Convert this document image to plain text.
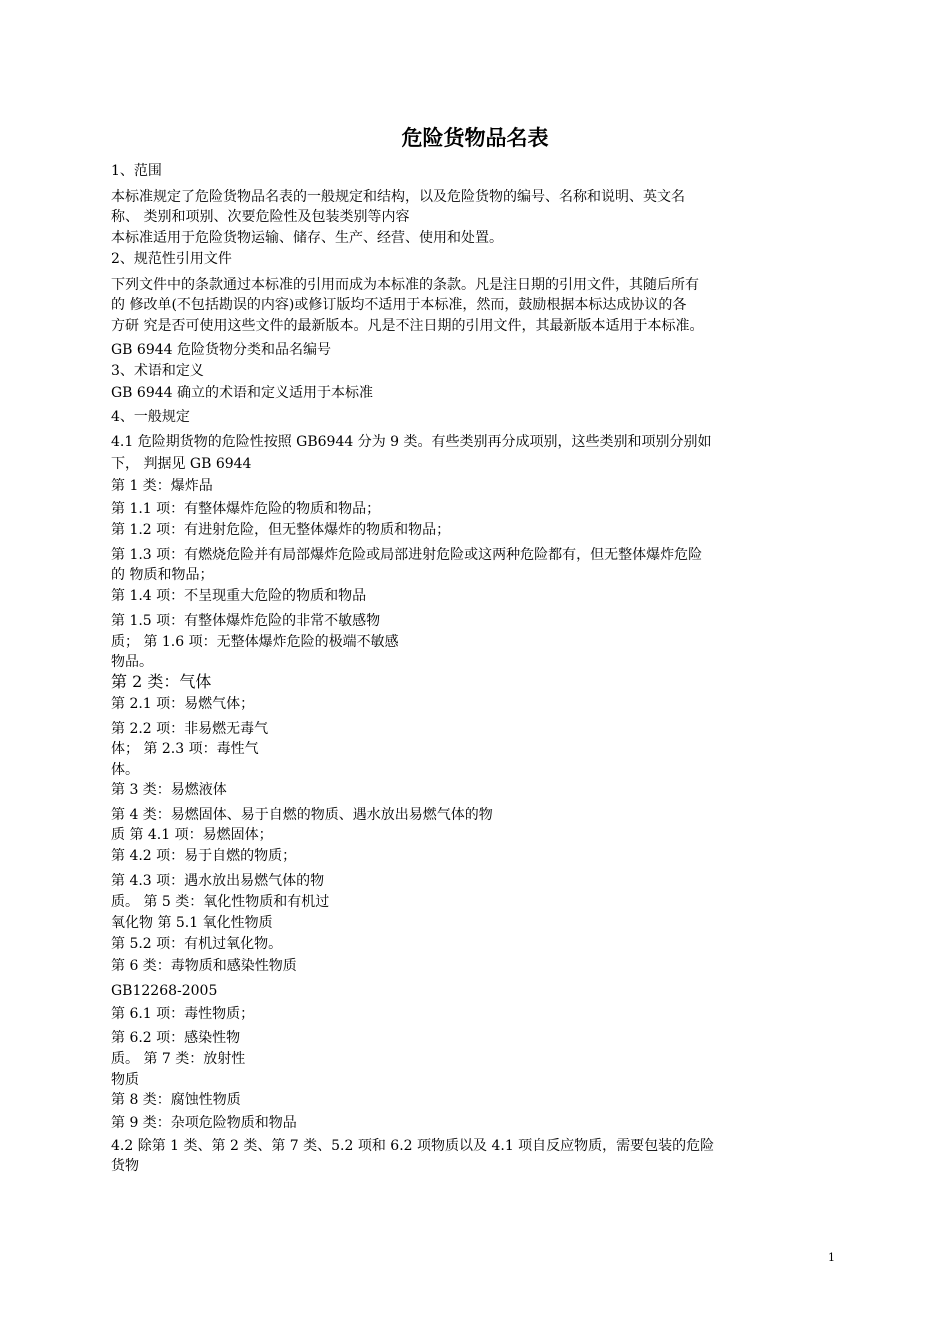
危险货物品名表
1、范围
本标准规定了危险货物品名表的一般规定和结构，以及危险货物的编号、名称和说明、英文名
称、 类别和项别、次要危险性及包装类别等内容
本标准适用于危险货物运输、储存、生产、经营、使用和处置。
2、规范性引用文件
下列文件中的条款通过本标准的引用而成为本标准的条款。凡是注日期的引用文件，其随后所有
的 修改单(不包括勘误的内容)或修订版均不适用于本标准，然而，鼓励根据本标达成协议的各
方研 究是否可使用这些文件的最新版本。凡是不注日期的引用文件，其最新版本适用于本标准。
GB 6944 危险货物分类和品名编号
3、术语和定义
GB 6944 确立的术语和定义适用于本标准
4、一般规定
4.1 危险期货物的危险性按照 GB6944 分为 9 类。有些类别再分成项别，这些类别和项别分别如
下， 判据见 GB 6944
第 1 类：爆炸品
第 1.1 项：有整体爆炸危险的物质和物品；
第 1.2 项：有进射危险，但无整体爆炸的物质和物品；
第 1.3 项：有燃烧危险并有局部爆炸危险或局部进射危险或这两种危险都有，但无整体爆炸危险
的 物质和物品；
第 1.4 项：不呈现重大危险的物质和物品
第 1.5 项：有整体爆炸危险的非常不敏感物
质； 第 1.6 项：无整体爆炸危险的极端不敏感
物品。
第 2 类：气体
第 2.1 项：易燃气体；
第 2.2 项：非易燃无毒气
体； 第 2.3 项：毒性气
体。
第 3 类：易燃液体
第 4 类：易燃固体、易于自燃的物质、遇水放出易燃气体的物
质 第 4.1 项：易燃固体；
第 4.2 项：易于自燃的物质；
第 4.3 项：遇水放出易燃气体的物
质。 第 5 类：氧化性物质和有机过
氧化物 第 5.1 氧化性物质
第 5.2 项：有机过氧化物。
第 6 类：毒物质和感染性物质
GB12268-2005
第 6.1 项：毒性物质；
第 6.2 项：感染性物
质。 第 7 类：放射性
物质
第 8 类：腐蚀性物质
第 9 类：杂项危险物质和物品
4.2 除第 1 类、第 2 类、第 7 类、5.2 项和 6.2 项物质以及 4.1 项自反应物质，需要包装的危险
货物
1
